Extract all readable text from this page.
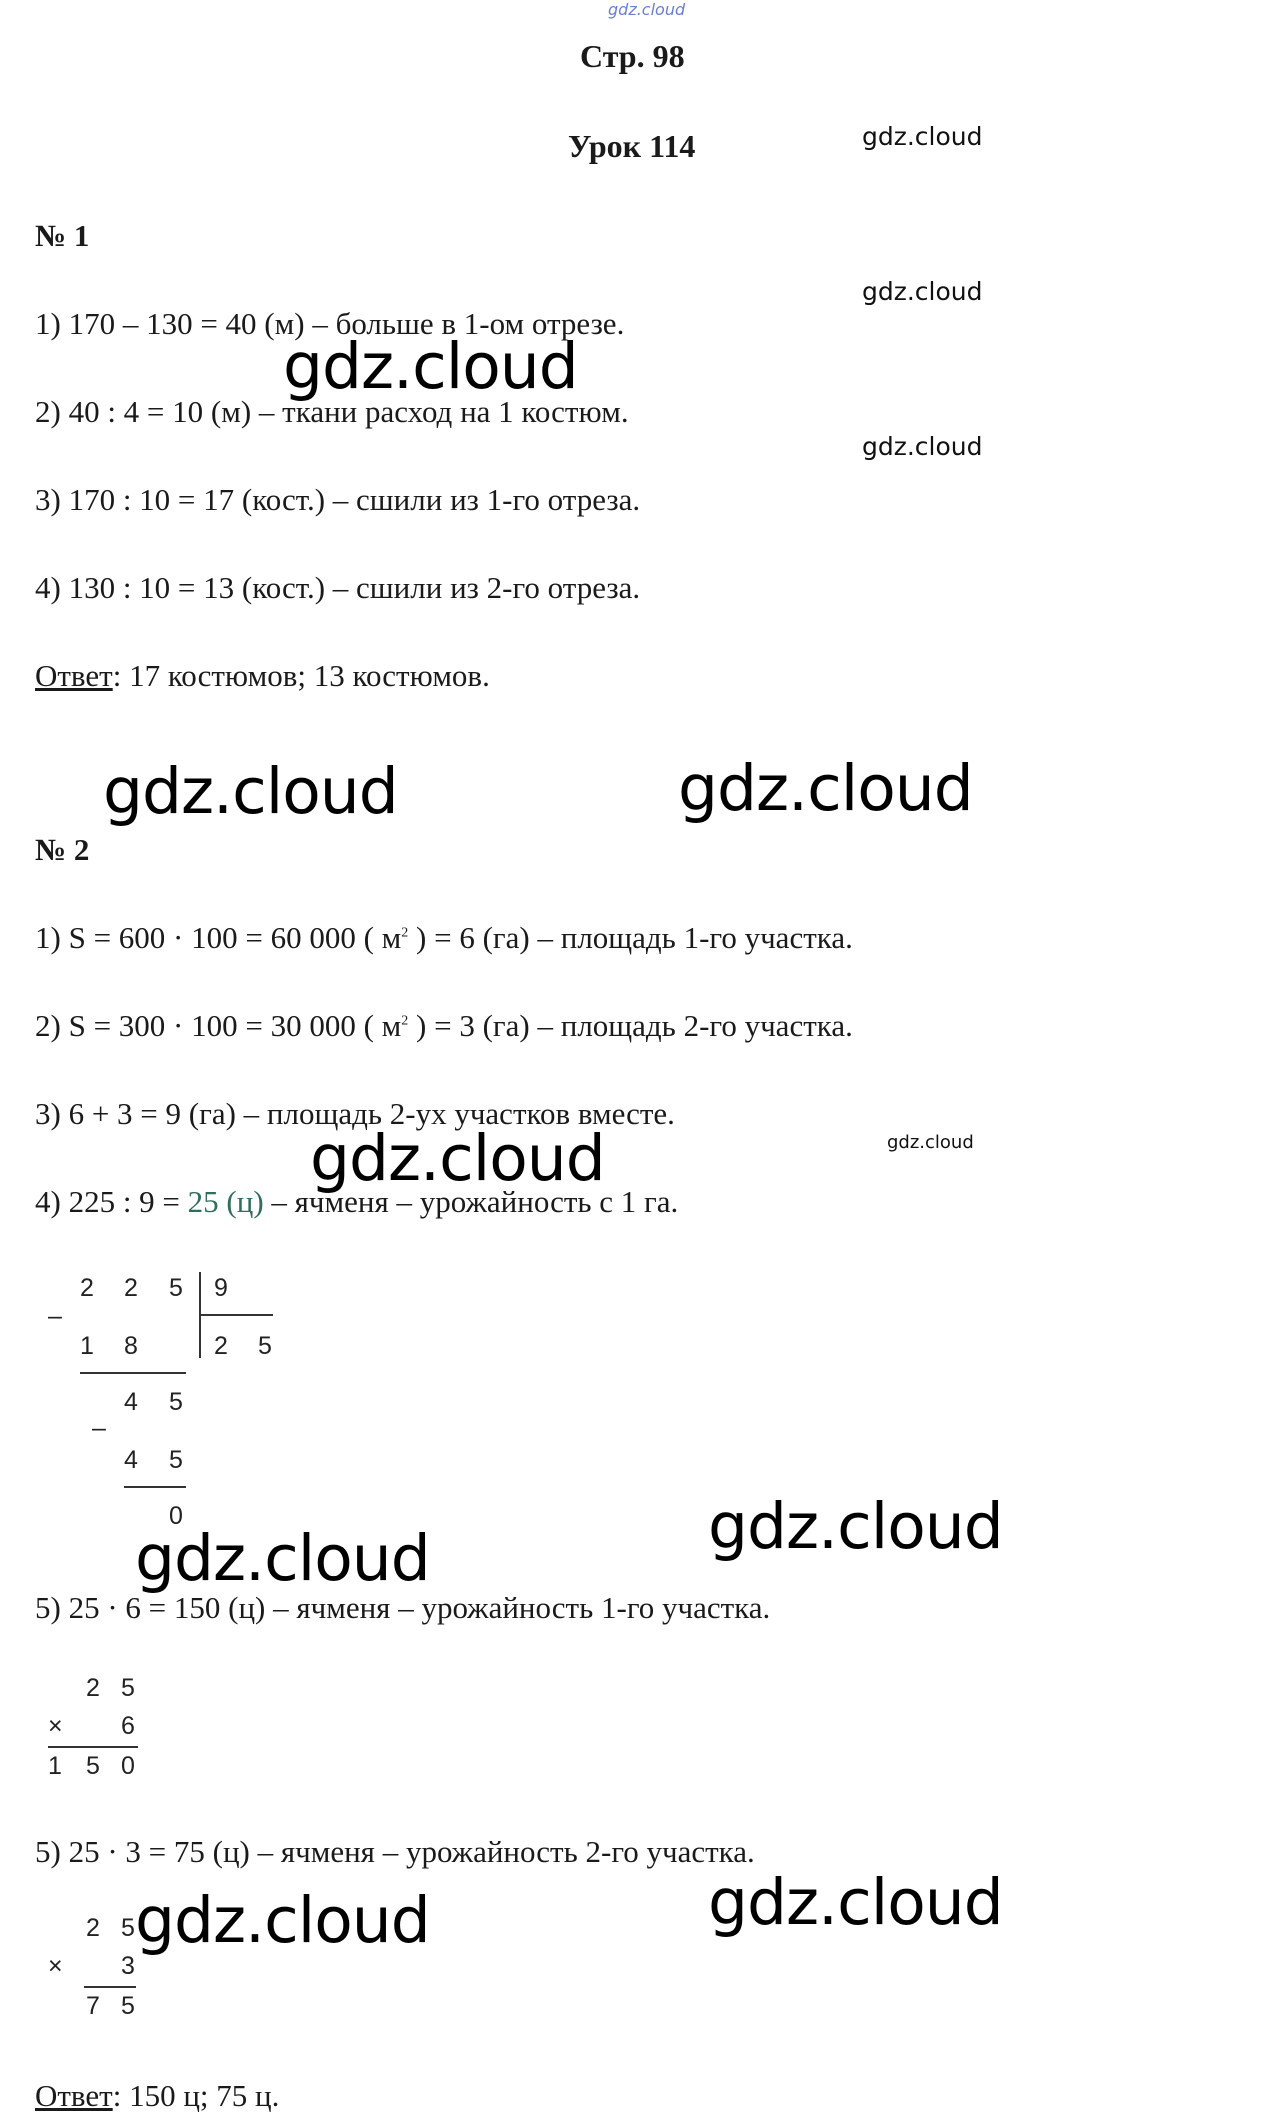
gdz.cloud
Стр. 98
Урок 114	gdz.cloud
gdz.cloud
gdz.cloud
gdz.cloud
№ 1
1) 170 – 130 = 40 (м) – больше в 1-ом отрезе.
2) 40 : 4 = 10 (м) – ткани расход на 1 костюм.
3) 170 : 10 = 17 (кост.) – сшили из 1-го отреза.
4) 130 : 10 = 13 (кост.) – сшили из 2-го отреза.
Ответ: 17 костюмов; 13 костюмов.
gdz.cloud
gdz.cloud	gdz.cloud
gdz.cloud
gdz.cloud
gdz.cloud
gdz.cloud
gdz.cloud
№ 2
1) S = 600 · 100 = 60 000 ( $м^2$ ) = 6 (га) – площадь 1-го участка.
2) S = 300 · 100 = 30 000 ( $м^2$ ) = 3 (га) – площадь 2-го участка.
3) 6 + 3 = 9 (га) – площадь 2-ух участков вместе.
4) 225 : 9 = 25 (ц) – ячменя – урожайность с 1 га.
–
2 2 5 9
1 8	2 5
–
4 5
4 5
0
5) 25 · 6 = 150 (ц) – ячменя – урожайность 1-го участка.
2 5
× 6
1 5 0
5) 25 · 3 = 75 (ц) – ячменя – урожайность 2-го участка.
2 5
× 3
7 5
Ответ: 150 ц; 75 ц.
